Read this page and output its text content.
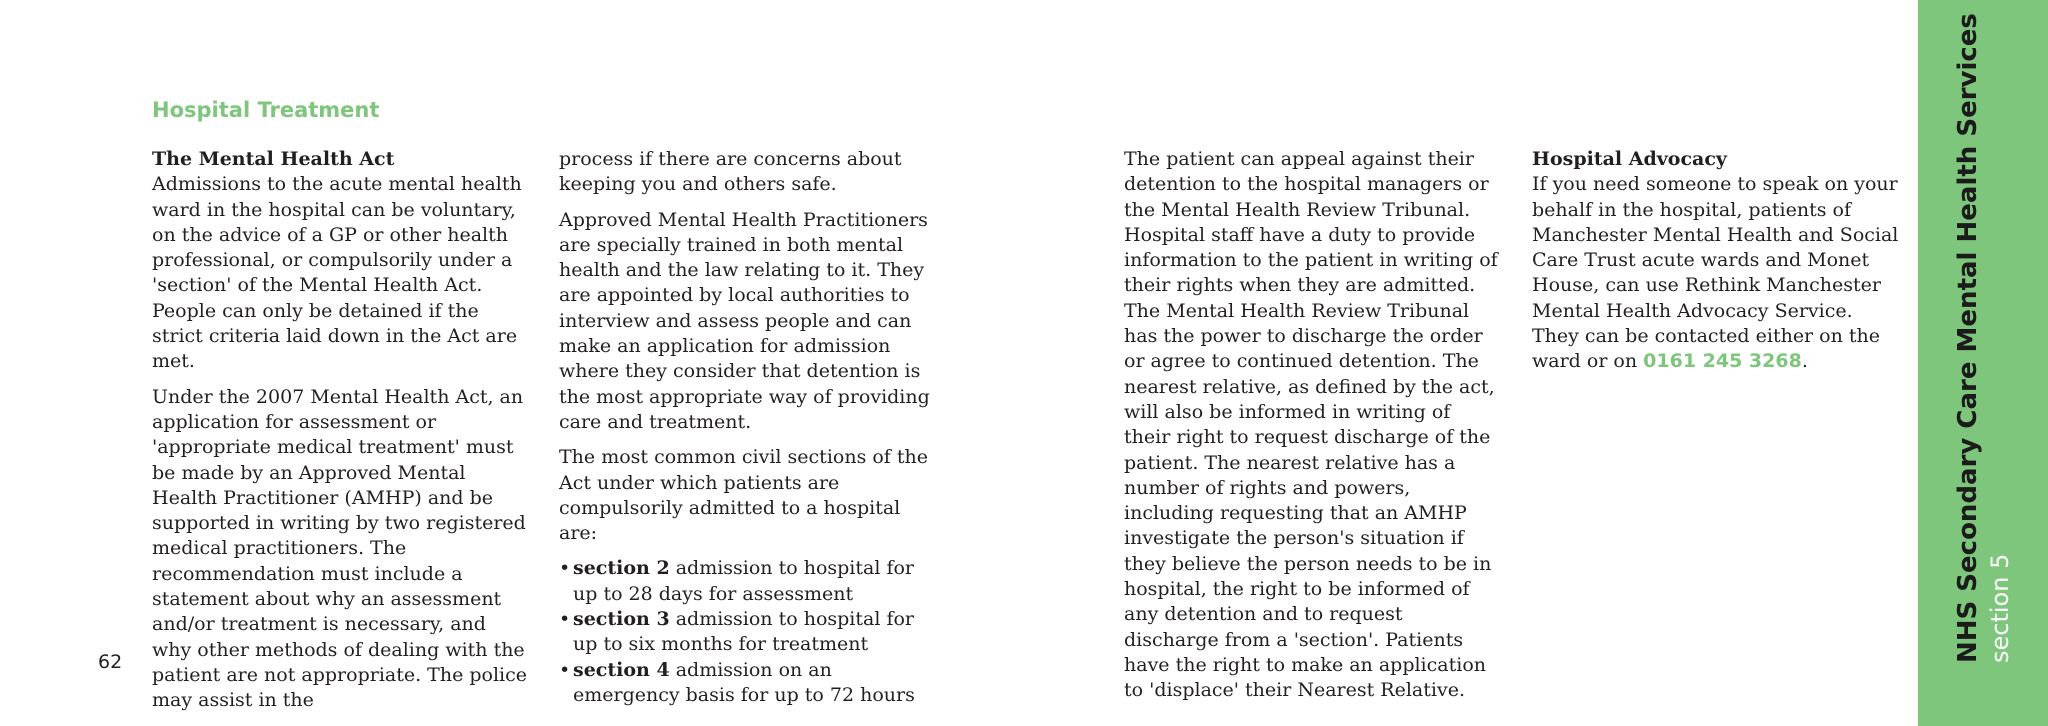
Hospital Treatment
The Mental Health Act

Admissions to the acute mental health ward in the hospital can be voluntary, on the advice of a GP or other health professional, or compulsorily under a 'section' of the Mental Health Act. People can only be detained if the strict criteria laid down in the Act are met.

Under the 2007 Mental Health Act, an application for assessment or 'appropriate medical treatment' must be made by an Approved Mental Health Practitioner (AMHP) and be supported in writing by two registered medical practitioners. The recommendation must include a statement about why an assessment and/or treatment is necessary, and why other methods of dealing with the patient are not appropriate. The police may assist in the

process if there are concerns about keeping you and others safe.

Approved Mental Health Practitioners are specially trained in both mental health and the law relating to it. They are appointed by local authorities to interview and assess people and can make an application for admission where they consider that detention is the most appropriate way of providing care and treatment.

The most common civil sections of the Act under which patients are compulsorily admitted to a hospital are:

• section 2 admission to hospital for up to 28 days for assessment
• section 3 admission to hospital for up to six months for treatment
• section 4 admission on an emergency basis for up to 72 hours

The patient can appeal against their detention to the hospital managers or the Mental Health Review Tribunal. Hospital staff have a duty to provide information to the patient in writing of their rights when they are admitted. The Mental Health Review Tribunal has the power to discharge the order or agree to continued detention. The nearest relative, as defined by the act, will also be informed in writing of their right to request discharge of the patient. The nearest relative has a number of rights and powers, including requesting that an AMHP investigate the person's situation if they believe the person needs to be in hospital, the right to be informed of any detention and to request discharge from a 'section'. Patients have the right to make an application to 'displace' their Nearest Relative.

Hospital Advocacy

If you need someone to speak on your behalf in the hospital, patients of Manchester Mental Health and Social Care Trust acute wards and Monet House, can use Rethink Manchester Mental Health Advocacy Service. They can be contacted either on the ward or on 0161 245 3268.

62	NHS Secondary Care Mental Health Services section 5
